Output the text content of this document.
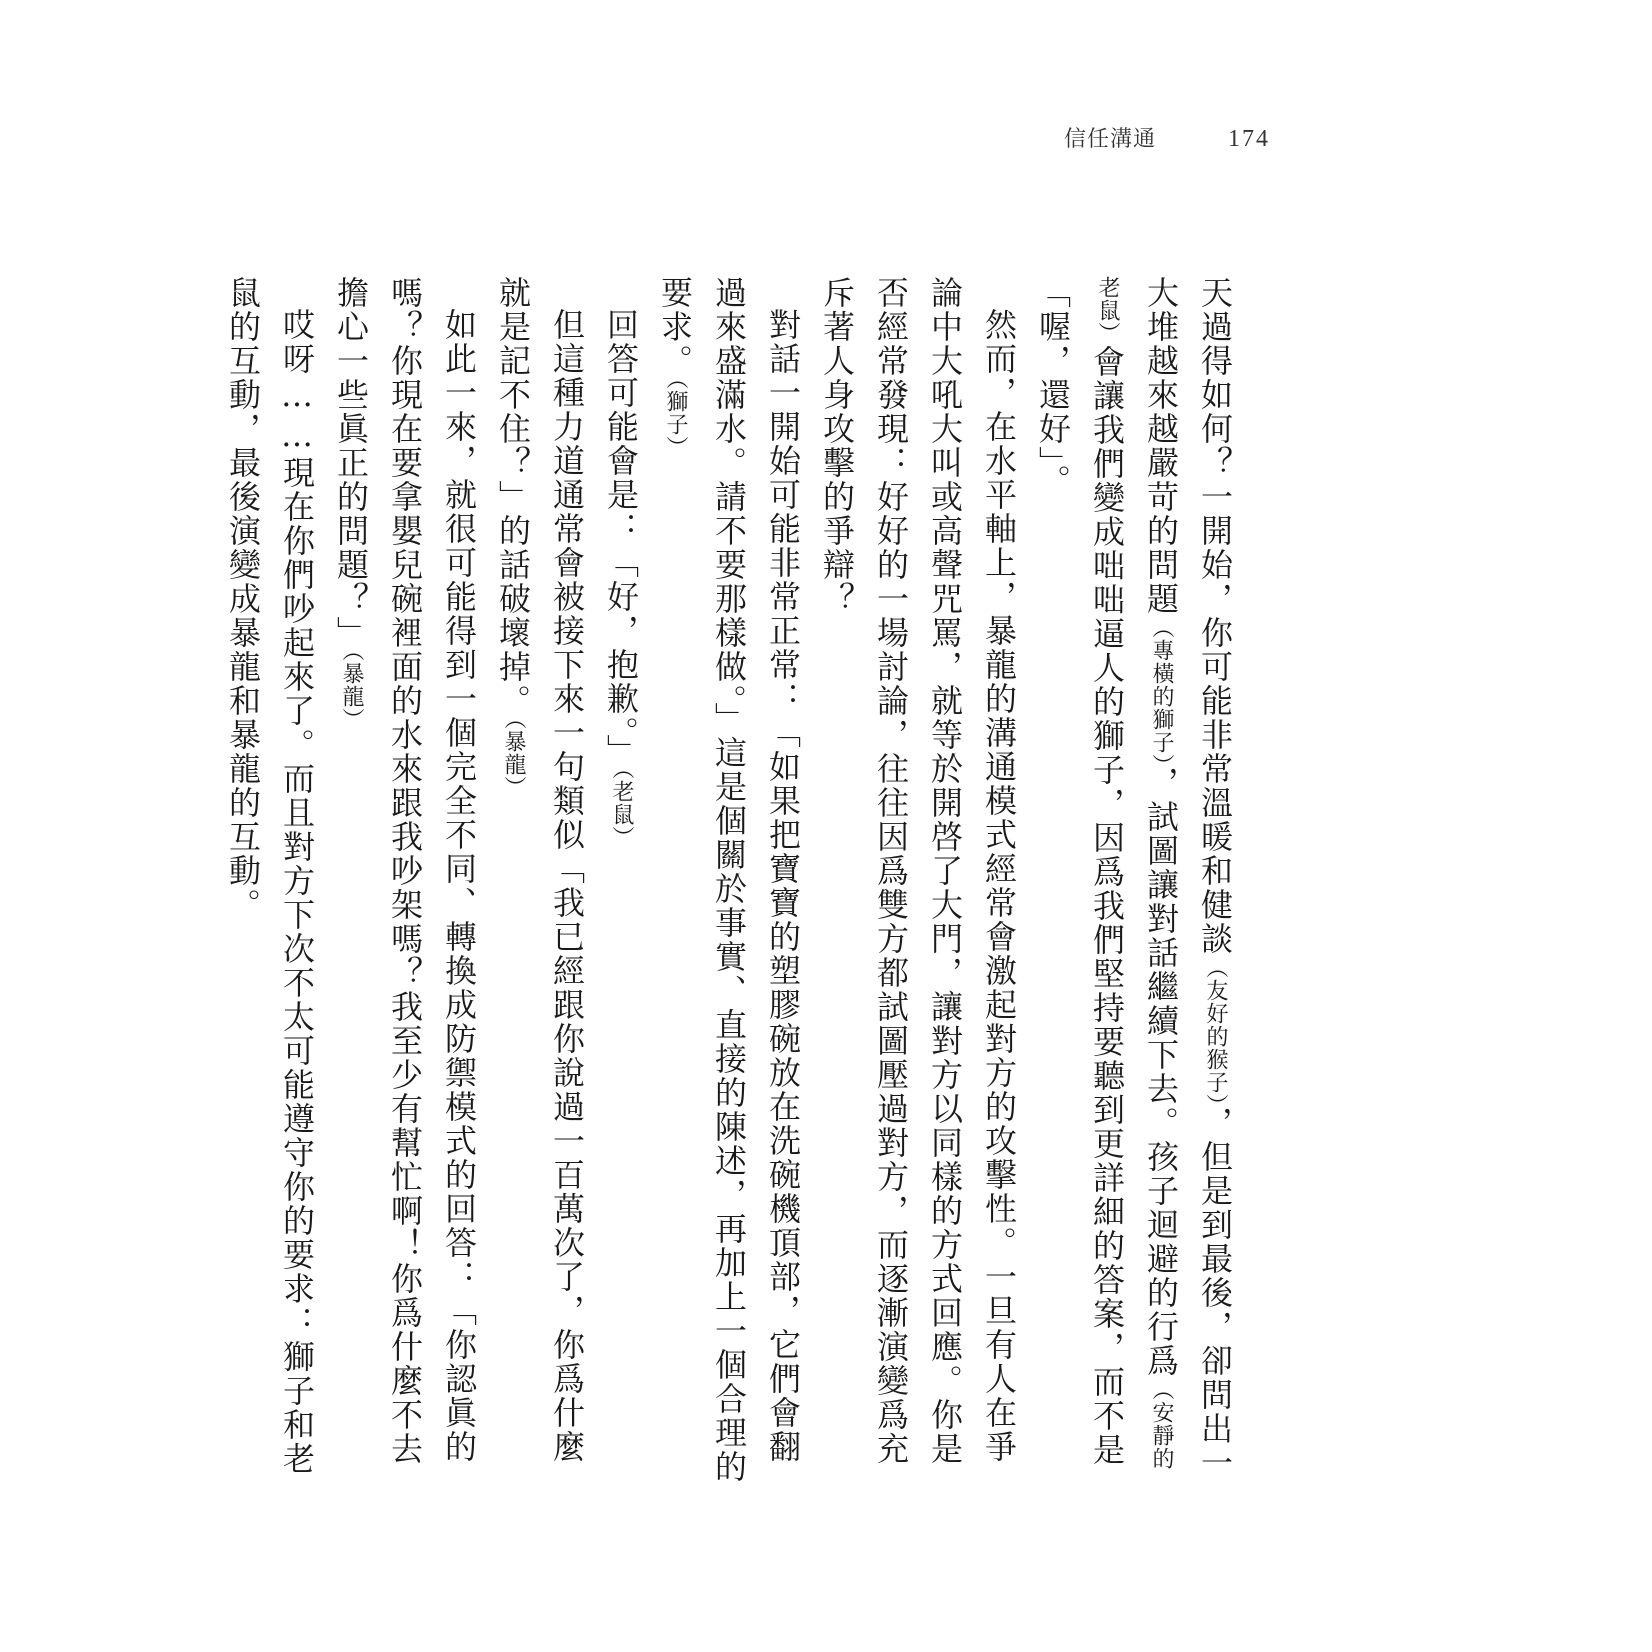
信任溝通	174

天過得如何？一開始，你可能非常溫暖和健談（友好的猴子），但是到最後，卻問出一大堆越來越嚴苛的問題（專橫的獅子），試圖讓對話繼續下去。孩子迴避的行爲（安靜的老鼠）會讓我們變成咄咄逼人的獅子，因爲我們堅持要聽到更詳細的答案，而不是「喔，還好」。

然而，在水平軸上，暴龍的溝通模式經常會激起對方的攻擊性。一旦有人在爭論中大吼大叫或高聲咒罵，就等於開啓了大門，讓對方以同樣的方式回應。你是否經常發現：好好的一場討論，往往因爲雙方都試圖壓過對方，而逐漸演變爲充斥著人身攻擊的爭辯？

對話一開始可能非常正常：「如果把寶寶的塑膠碗放在洗碗機頂部，它們會翻過來盛滿水。請不要那樣做。」這是個關於事實、直接的陳述，再加上一個合理的要求。（獅子）

回答可能會是：「好，抱歉。」（老鼠）

但這種力道通常會被接下來一句類似「我已經跟你說過一百萬次了，你爲什麼就是記不住？」的話破壞掉。（暴龍）

如此一來，就很可能得到一個完全不同、轉換成防禦模式的回答：「你認眞的嗎？你現在要拿嬰兒碗裡面的水來跟我吵架嗎？我至少有幫忙啊！你爲什麼不去擔心一些眞正的問題？」（暴龍）

哎呀……現在你們吵起來了。而且對方下次不太可能遵守你的要求：獅子和老鼠的互動，最後演變成暴龍和暴龍的互動。
